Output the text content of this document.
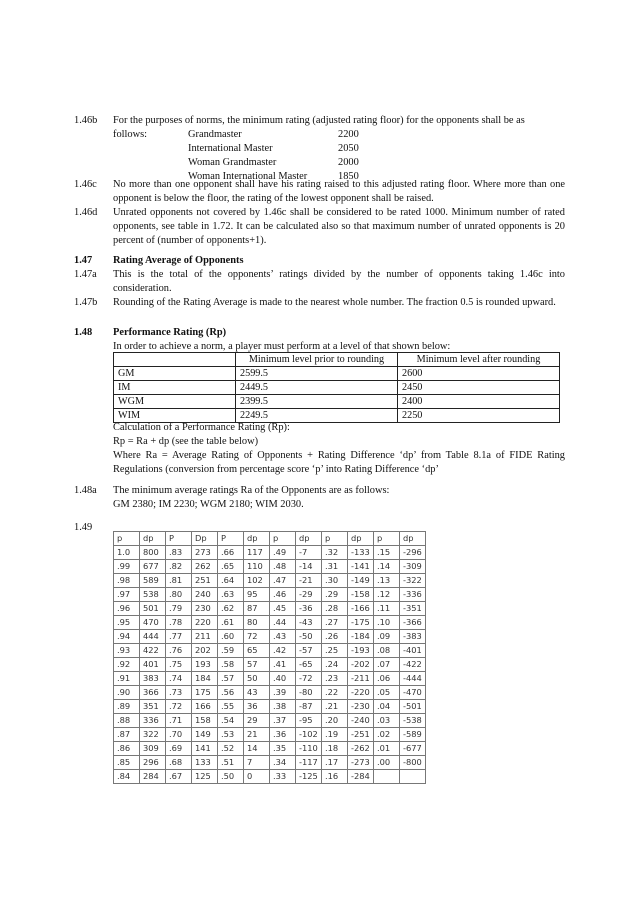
1.46b For the purposes of norms, the minimum rating (adjusted rating floor) for the opponents shall be as
follows:	Grandmaster	2200
International Master	2050
Woman Grandmaster	2000
Woman International Master	1850
1.46c No more than one opponent shall have his rating raised to this adjusted rating floor. Where more than one opponent is below the floor, the rating of the lowest opponent shall be raised.
1.46d Unrated opponents not covered by 1.46c shall be considered to be rated 1000. Minimum number of rated opponents, see table in 1.72. It can be calculated also so that maximum number of unrated opponents is 20 percent of (number of opponents+1).
1.47 Rating Average of Opponents
1.47a This is the total of the opponents’ ratings divided by the number of opponents taking 1.46c into consideration.
1.47b Rounding of the Rating Average is made to the nearest whole number. The fraction 0.5 is rounded upward.
1.48 Performance Rating (Rp)
In order to achieve a norm, a player must perform at a level of that shown below:
	Minimum level prior to rounding	Minimum level after rounding
GM	2599.5	2600
IM	2449.5	2450
WGM	2399.5	2400
WIM	2249.5	2250
Calculation of a Performance Rating (Rp):
Rp = Ra + dp (see the table below)
Where Ra = Average Rating of Opponents + Rating Difference ‘dp’ from Table 8.1a of FIDE Rating Regulations (conversion from percentage score ‘p’ into Rating Difference ‘dp’
1.48a The minimum average ratings Ra of the Opponents are as follows:
GM 2380; IM 2230; WGM 2180; WIM 2030.
1.49
p	dp	P	Dp	P	dp	p	dp	p	dp	p	dp
1.0	800	.83	273	.66	117	.49	-7	.32	-133	.15	-296
.99	677	.82	262	.65	110	.48	-14	.31	-141	.14	-309
.98	589	.81	251	.64	102	.47	-21	.30	-149	.13	-322
.97	538	.80	240	.63	95	.46	-29	.29	-158	.12	-336
.96	501	.79	230	.62	87	.45	-36	.28	-166	.11	-351
.95	470	.78	220	.61	80	.44	-43	.27	-175	.10	-366
.94	444	.77	211	.60	72	.43	-50	.26	-184	.09	-383
.93	422	.76	202	.59	65	.42	-57	.25	-193	.08	-401
.92	401	.75	193	.58	57	.41	-65	.24	-202	.07	-422
.91	383	.74	184	.57	50	.40	-72	.23	-211	.06	-444
.90	366	.73	175	.56	43	.39	-80	.22	-220	.05	-470
.89	351	.72	166	.55	36	.38	-87	.21	-230	.04	-501
.88	336	.71	158	.54	29	.37	-95	.20	-240	.03	-538
.87	322	.70	149	.53	21	.36	-102	.19	-251	.02	-589
.86	309	.69	141	.52	14	.35	-110	.18	-262	.01	-677
.85	296	.68	133	.51	7	.34	-117	.17	-273	.00	-800
.84	284	.67	125	.50	0	.33	-125	.16	-284		
